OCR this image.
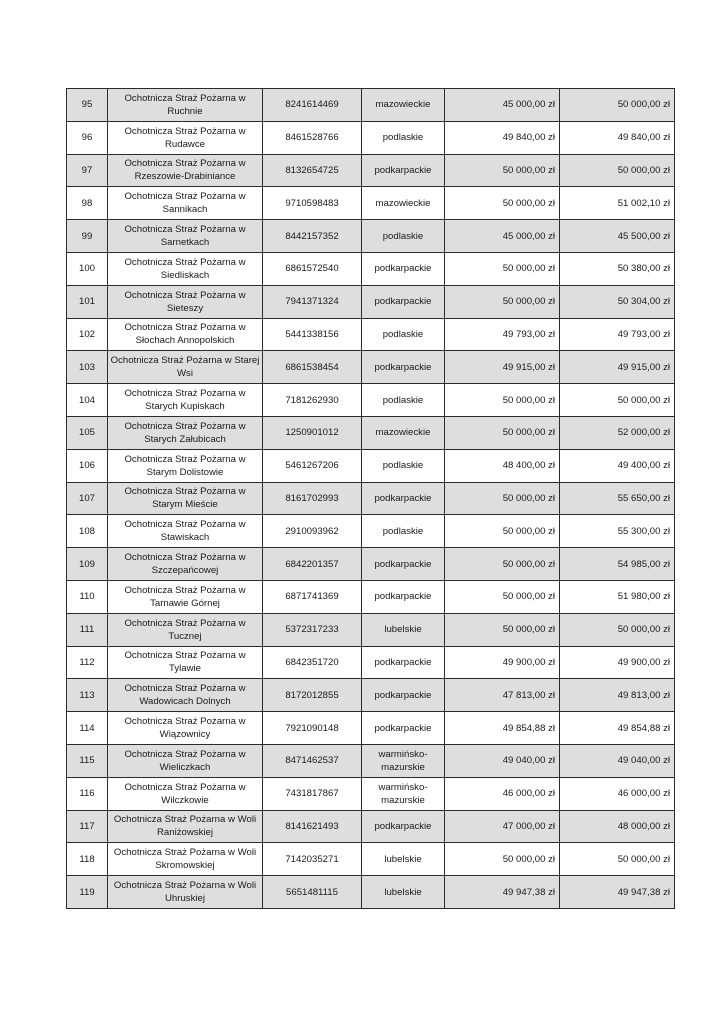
95	Ochotnicza Straż Pożarna w Ruchnie	8241614469	mazowieckie	45 000,00 zł	50 000,00 zł
96	Ochotnicza Straż Pożarna w Rudawce	8461528766	podlaskie	49 840,00 zł	49 840,00 zł
97	Ochotnicza Straż Pożarna w Rzeszowie-Drabiniance	8132654725	podkarpackie	50 000,00 zł	50 000,00 zł
98	Ochotnicza Straż Pożarna w Sannikach	9710598483	mazowieckie	50 000,00 zł	51 002,10 zł
99	Ochotnicza Straż Pożarna w Sarnetkach	8442157352	podlaskie	45 000,00 zł	45 500,00 zł
100	Ochotnicza Straż Pożarna w Siedliskach	6861572540	podkarpackie	50 000,00 zł	50 380,00 zł
101	Ochotnicza Straż Pożarna w Sieteszy	7941371324	podkarpackie	50 000,00 zł	50 304,00 zł
102	Ochotnicza Straż Pożarna w Słochach Annopolskich	5441338156	podlaskie	49 793,00 zł	49 793,00 zł
103	Ochotnicza Straż Pożarna w Starej Wsi	6861538454	podkarpackie	49 915,00 zł	49 915,00 zł
104	Ochotnicza Straż Pożarna w Starych Kupiskach	7181262930	podlaskie	50 000,00 zł	50 000,00 zł
105	Ochotnicza Straż Pożarna w Starych Załubicach	1250901012	mazowieckie	50 000,00 zł	52 000,00 zł
106	Ochotnicza Straż Pożarna w Starym Dolistowie	5461267206	podlaskie	48 400,00 zł	49 400,00 zł
107	Ochotnicza Straż Pożarna w Starym Mieście	8161702993	podkarpackie	50 000,00 zł	55 650,00 zł
108	Ochotnicza Straż Pożarna w Stawiskach	2910093962	podlaskie	50 000,00 zł	55 300,00 zł
109	Ochotnicza Straż Pożarna w Szczepańcowej	6842201357	podkarpackie	50 000,00 zł	54 985,00 zł
110	Ochotnicza Straż Pożarna w Tarnawie Górnej	6871741369	podkarpackie	50 000,00 zł	51 980,00 zł
111	Ochotnicza Straż Pożarna w Tucznej	5372317233	lubelskie	50 000,00 zł	50 000,00 zł
112	Ochotnicza Straż Pożarna w Tylawie	6842351720	podkarpackie	49 900,00 zł	49 900,00 zł
113	Ochotnicza Straż Pożarna w Wadowicach Dolnych	8172012855	podkarpackie	47 813,00 zł	49 813,00 zł
114	Ochotnicza Straż Pożarna w Wiązownicy	7921090148	podkarpackie	49 854,88 zł	49 854,88 zł
115	Ochotnicza Straż Pożarna w Wieliczkach	8471462537	warmińsko-mazurskie	49 040,00 zł	49 040,00 zł
116	Ochotnicza Straż Pożarna w Wilczkowie	7431817867	warmińsko-mazurskie	46 000,00 zł	46 000,00 zł
117	Ochotnicza Straż Pożarna w Woli Raniżowskiej	8141621493	podkarpackie	47 000,00 zł	48 000,00 zł
118	Ochotnicza Straż Pożarna w Woli Skromowskiej	7142035271	lubelskie	50 000,00 zł	50 000,00 zł
119	Ochotnicza Straż Pożarna w Woli Uhruskiej	5651481115	lubelskie	49 947,38 zł	49 947,38 zł
